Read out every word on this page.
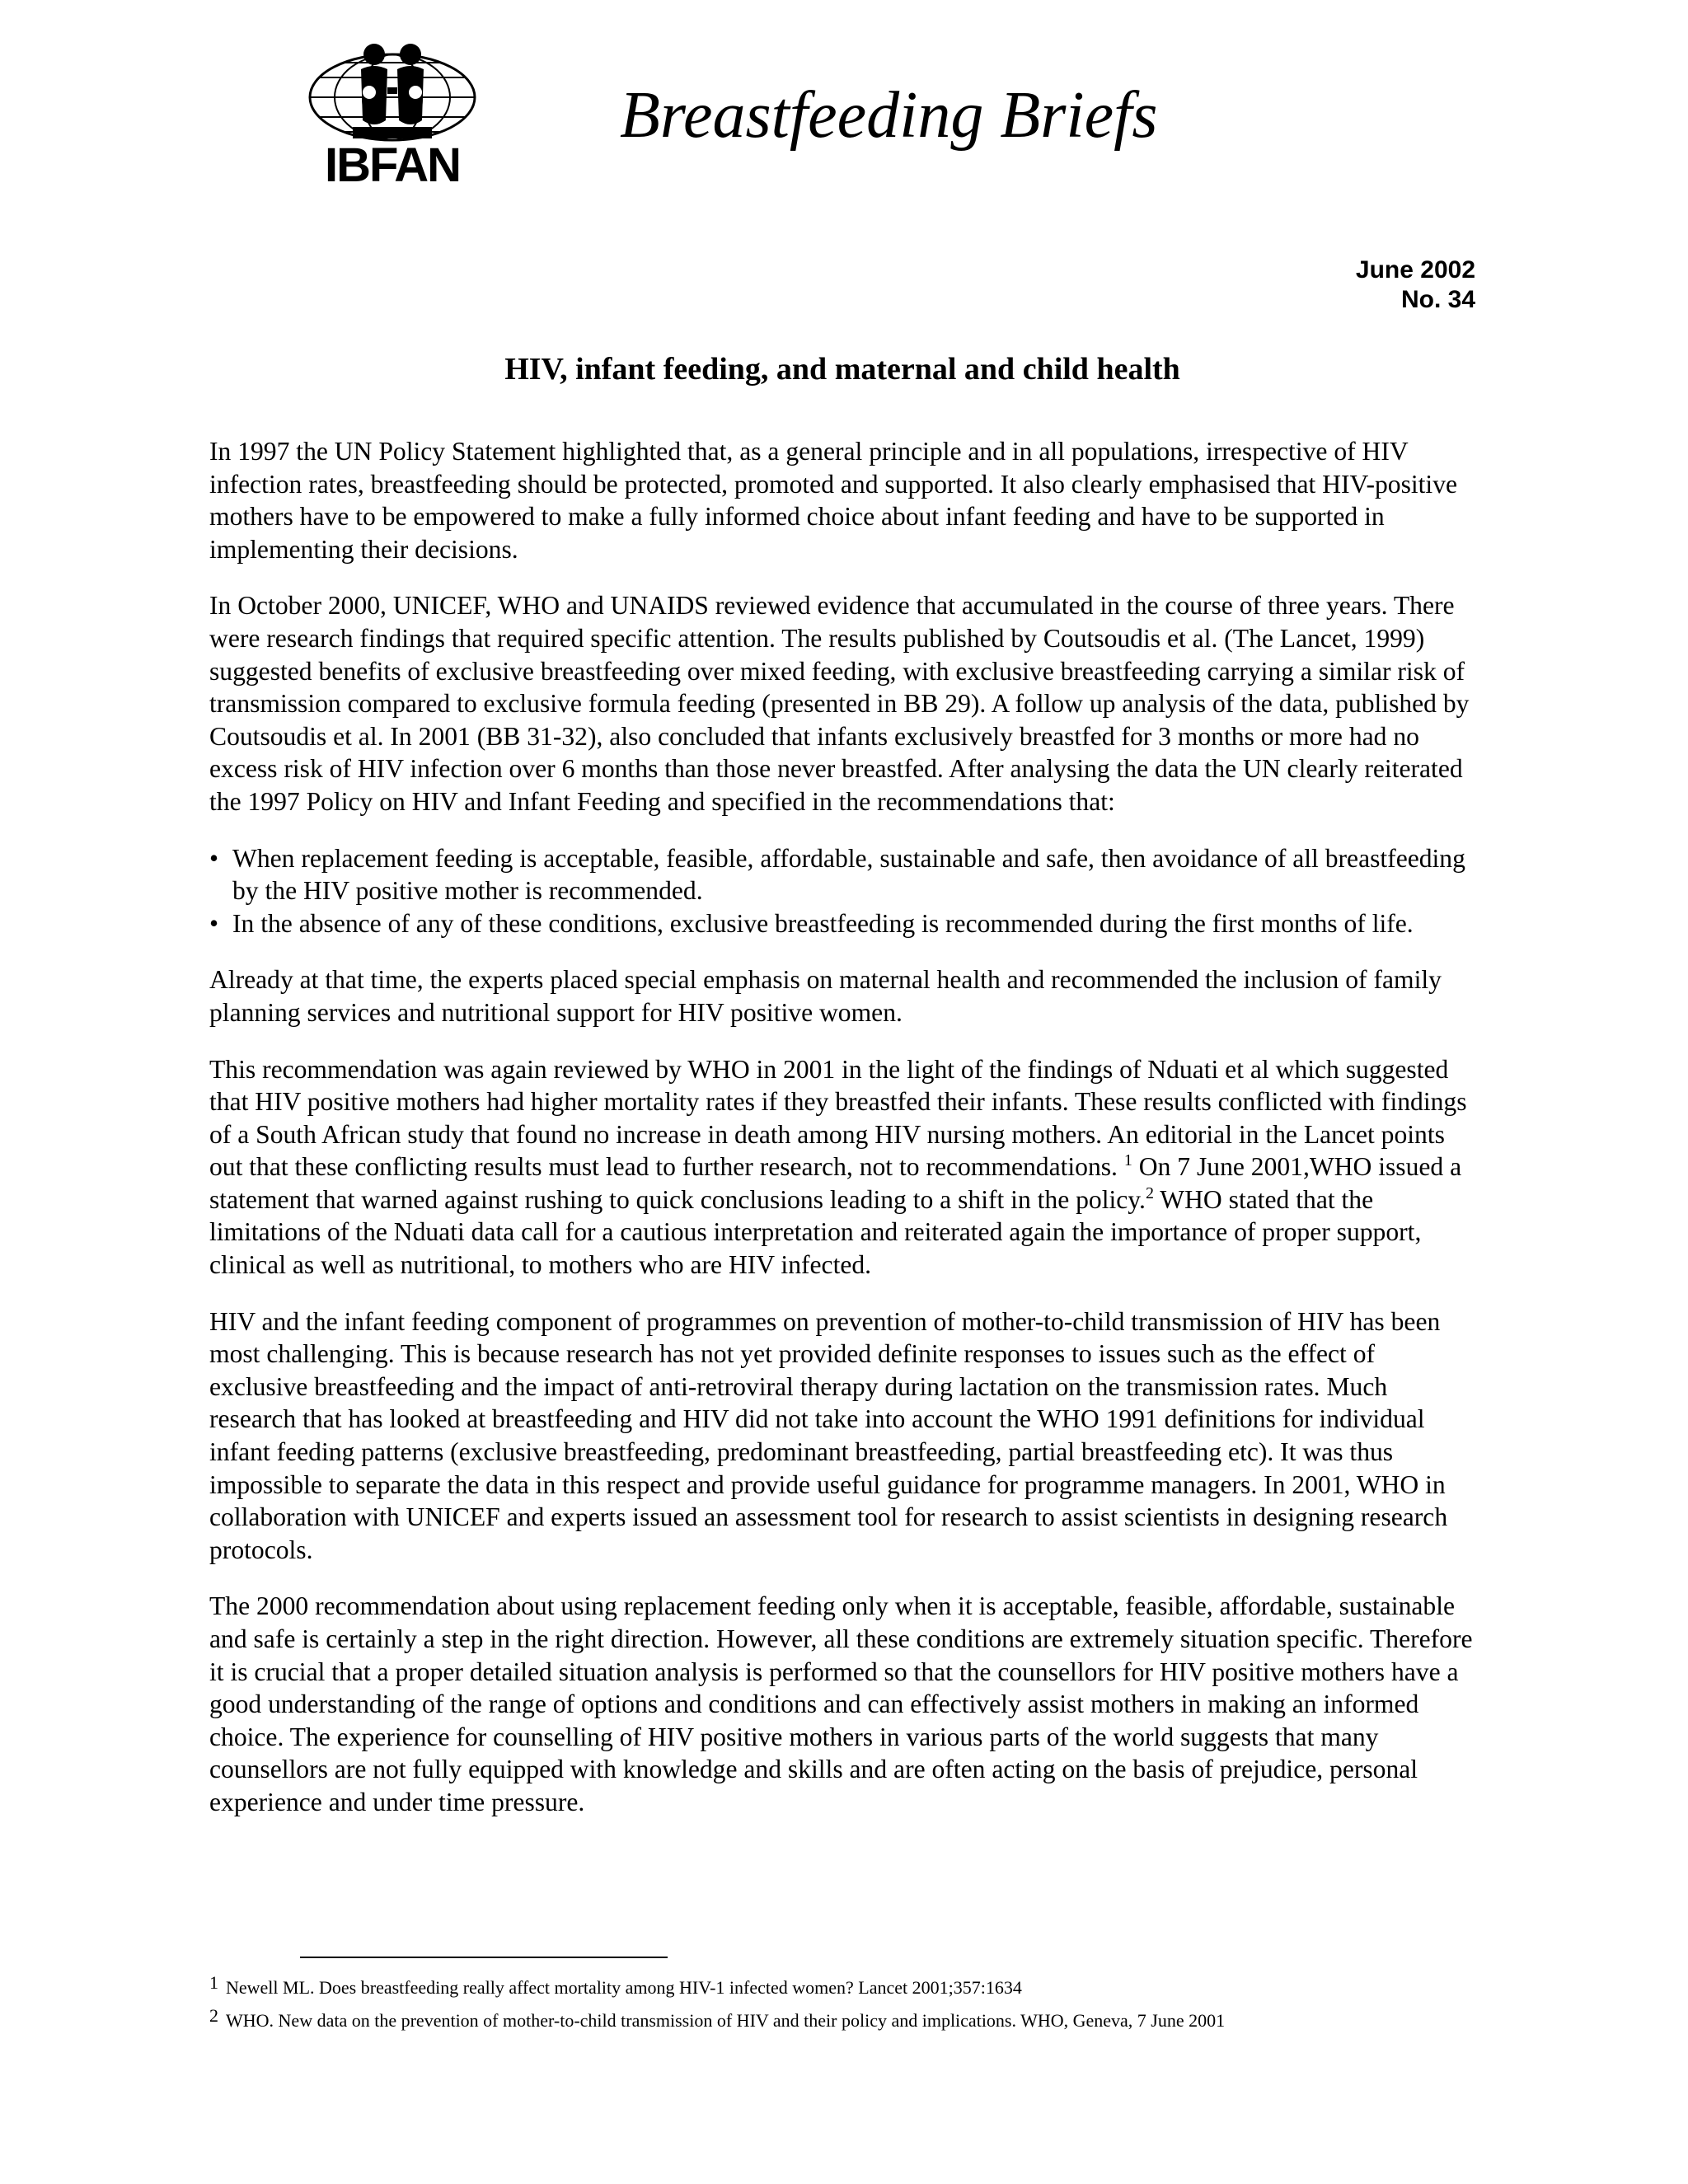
IBFAN
Breastfeeding Briefs
June 2002
No. 34
HIV, infant feeding, and maternal and child health

In 1997 the UN Policy Statement highlighted that, as a general principle and in all populations, irrespective of HIV infection rates, breastfeeding should be protected, promoted and supported. It also clearly emphasised that HIV-positive mothers have to be empowered to make a fully informed choice about infant feeding and have to be supported in implementing their decisions.

In October 2000, UNICEF, WHO and UNAIDS reviewed evidence that accumulated in the course of three years. There were research findings that required specific attention. The results published by Coutsoudis et al. (The Lancet, 1999) suggested benefits of exclusive breastfeeding over mixed feeding, with exclusive breastfeeding carrying a similar risk of transmission compared to exclusive formula feeding (presented in BB 29). A follow up analysis of the data, published by Coutsoudis et al. In 2001 (BB 31-32), also concluded that infants exclusively breastfed for 3 months or more had no excess risk of HIV infection over 6 months than those never breastfed. After analysing the data the UN clearly reiterated the 1997 Policy on HIV and Infant Feeding and specified in the recommendations that:

• When replacement feeding is acceptable, feasible, affordable, sustainable and safe, then avoidance of all breastfeeding by the HIV positive mother is recommended.
• In the absence of any of these conditions, exclusive breastfeeding is recommended during the first months of life.

Already at that time, the experts placed special emphasis on maternal health and recommended the inclusion of family planning services and nutritional support for HIV positive women.

This recommendation was again reviewed by WHO in 2001 in the light of the findings of Nduati et al which suggested that HIV positive mothers had higher mortality rates if they breastfed their infants. These results conflicted with findings of a South African study that found no increase in death among HIV nursing mothers. An editorial in the Lancet points out that these conflicting results must lead to further research, not to recommendations. $^1$ On 7 June 2001,WHO issued a statement that warned against rushing to quick conclusions leading to a shift in the policy.$^2$ WHO stated that the limitations of the Nduati data call for a cautious interpretation and reiterated again the importance of proper support, clinical as well as nutritional, to mothers who are HIV infected.

HIV and the infant feeding component of programmes on prevention of mother-to-child transmission of HIV has been most challenging. This is because research has not yet provided definite responses to issues such as the effect of exclusive breastfeeding and the impact of anti-retroviral therapy during lactation on the transmission rates. Much research that has looked at breastfeeding and HIV did not take into account the WHO 1991 definitions for individual infant feeding patterns (exclusive breastfeeding, predominant breastfeeding, partial breastfeeding etc). It was thus impossible to separate the data in this respect and provide useful guidance for programme managers. In 2001, WHO in collaboration with UNICEF and experts issued an assessment tool for research to assist scientists in designing research protocols.

The 2000 recommendation about using replacement feeding only when it is acceptable, feasible, affordable, sustainable and safe is certainly a step in the right direction. However, all these conditions are extremely situation specific. Therefore it is crucial that a proper detailed situation analysis is performed so that the counsellors for HIV positive mothers have a good understanding of the range of options and conditions and can effectively assist mothers in making an informed choice. The experience for counselling of HIV positive mothers in various parts of the world suggests that many counsellors are not fully equipped with knowledge and skills and are often acting on the basis of prejudice, personal experience and under time pressure.

1 Newell ML. Does breastfeeding really affect mortality among HIV-1 infected women? Lancet 2001;357:1634
2 WHO. New data on the prevention of mother-to-child transmission of HIV and their policy and implications. WHO, Geneva, 7 June 2001
